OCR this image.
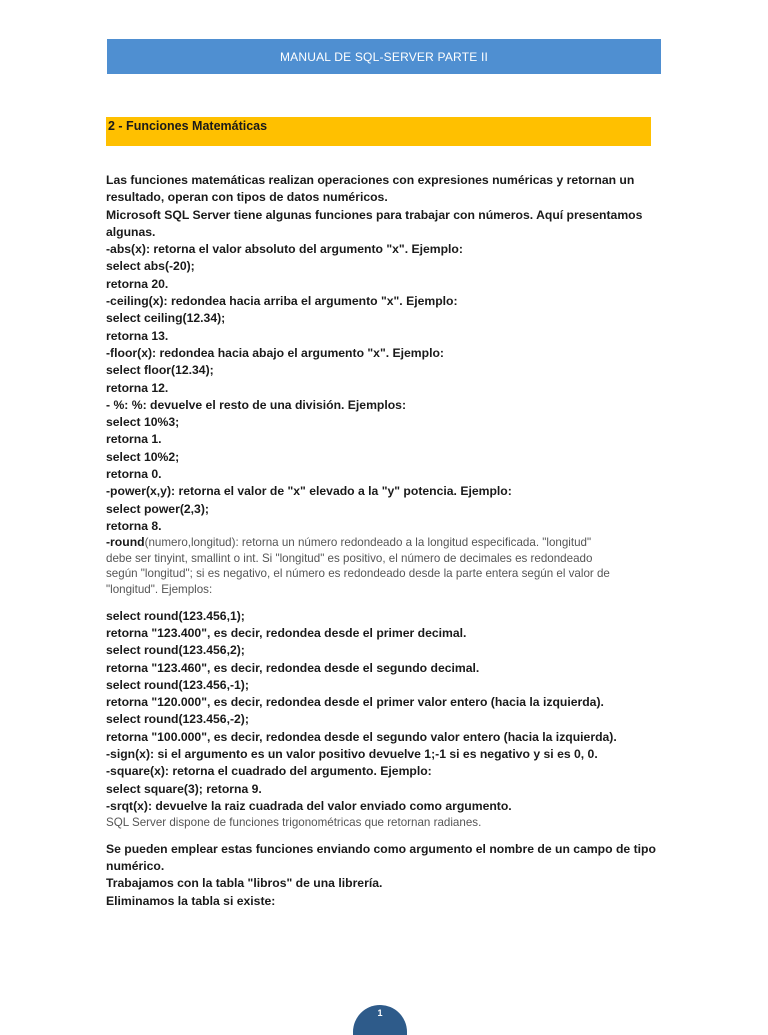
MANUAL DE SQL-SERVER PARTE II
2 - Funciones Matemáticas
Las funciones matemáticas realizan operaciones con expresiones numéricas y retornan un
resultado, operan con tipos de datos numéricos.
Microsoft SQL Server tiene algunas funciones para trabajar con números. Aquí presentamos
algunas.
-abs(x): retorna el valor absoluto del argumento "x". Ejemplo:
select abs(-20);
retorna 20.
-ceiling(x): redondea hacia arriba el argumento "x". Ejemplo:
select ceiling(12.34);
retorna 13.
-floor(x): redondea hacia abajo el argumento "x". Ejemplo:
select floor(12.34);
retorna 12.
- %: %: devuelve el resto de una división. Ejemplos:
select 10%3;
retorna 1.
select 10%2;
retorna 0.
-power(x,y): retorna el valor de "x" elevado a la "y" potencia. Ejemplo:
select power(2,3);
retorna 8.
-round(numero,longitud): retorna un número redondeado a la longitud especificada. "longitud"
debe ser tinyint, smallint o int. Si "longitud" es positivo, el número de decimales es redondeado
según "longitud"; si es negativo, el número es redondeado desde la parte entera según el valor de
"longitud". Ejemplos:
select round(123.456,1);
retorna "123.400", es decir, redondea desde el primer decimal.
select round(123.456,2);
retorna "123.460", es decir, redondea desde el segundo decimal.
select round(123.456,-1);
retorna "120.000", es decir, redondea desde el primer valor entero (hacia la izquierda).
select round(123.456,-2);
retorna "100.000", es decir, redondea desde el segundo valor entero (hacia la izquierda).
-sign(x): si el argumento es un valor positivo devuelve 1;-1 si es negativo y si es 0, 0.
-square(x): retorna el cuadrado del argumento. Ejemplo:
select square(3); retorna 9.
-srqt(x): devuelve la raiz cuadrada del valor enviado como argumento.
SQL Server dispone de funciones trigonométricas que retornan radianes.
Se pueden emplear estas funciones enviando como argumento el nombre de un campo de tipo
numérico.
Trabajamos con la tabla "libros" de una librería.
Eliminamos la tabla si existe:
1
